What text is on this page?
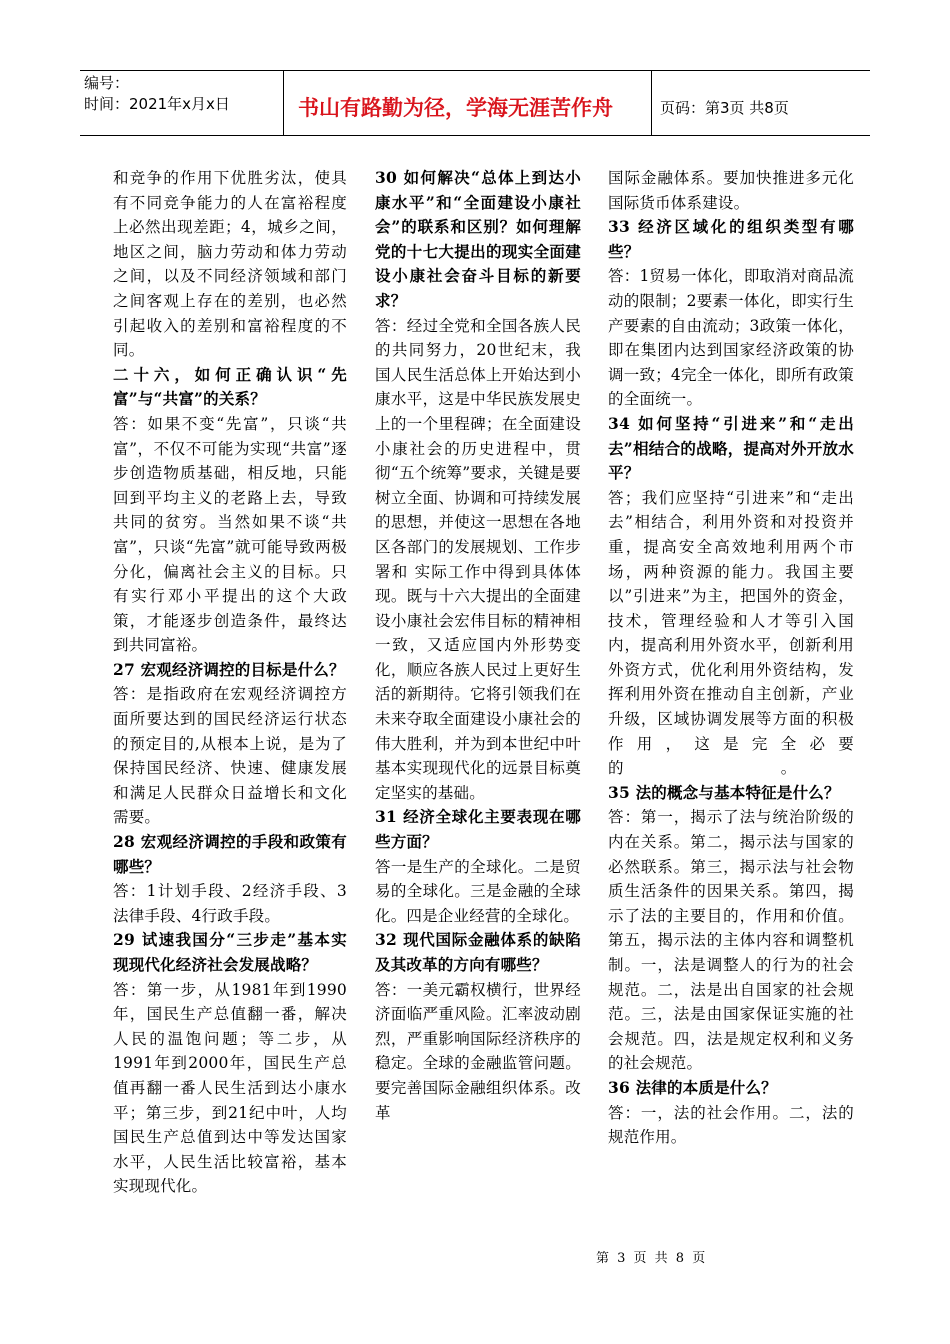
编号：
时间：2021年x月x日	书山有路勤为径，学海无涯苦作舟	页码：第3页 共8页

和竞争的作用下优胜劣汰，使具有不同竞争能力的人在富裕程度上必然出现差距；4，城乡之间，地区之间，脑力劳动和体力劳动之间，以及不同经济领域和部门之间客观上存在的差别，也必然引起收入的差别和富裕程度的不同。

二十六，如何正确认识“先富”与“共富”的关系？

答：如果不变“先富”，只谈“共富”，不仅不可能为实现“共富”逐步创造物质基础，相反地，只能回到平均主义的老路上去，导致共同的贫穷。当然如果不谈“共富”，只谈“先富”就可能导致两极分化，偏离社会主义的目标。只有实行邓小平提出的这个大政策，才能逐步创造条件，最终达到共同富裕。

27 宏观经济调控的目标是什么？

答：是指政府在宏观经济调控方面所要达到的国民经济运行状态的预定目的,从根本上说，是为了保持国民经济、快速、健康发展和满足人民群众日益增长和文化需要。

28 宏观经济调控的手段和政策有哪些？

答：1计划手段、2经济手段、3法律手段、4行政手段。

29 试速我国分“三步走”基本实现现代化经济社会发展战略？

答：第一步，从1981年到1990年，国民生产总值翻一番，解决人民的温饱问题；等二步，从1991年到2000年，国民生产总值再翻一番人民生活到达小康水平；第三步，到21纪中叶，人均国民生产总值到达中等发达国家水平，人民生活比较富裕，基本实现现代化。

30 如何解决“总体上到达小康水平”和“全面建设小康社会”的联系和区别？如何理解党的十七大提出的现实全面建设小康社会奋斗目标的新要求？

答：经过全党和全国各族人民的共同努力，20世纪末，我国人民生活总体上开始达到小康水平，这是中华民族发展史上的一个里程碑；在全面建设小康社会的历史进程中，贯彻“五个统筹”要求，关键是要树立全面、协调和可持续发展的思想，并使这一思想在各地区各部门的发展规划、工作步署和 实际工作中得到具体体现。既与十六大提出的全面建设小康社会宏伟目标的精神相一致，又适应国内外形势变化，顺应各族人民过上更好生活的新期待。它将引领我们在未来夺取全面建设小康社会的伟大胜利，并为到本世纪中叶基本实现现代化的远景目标奠定坚实的基础。

31 经济全球化主要表现在哪些方面？

答一是生产的全球化。二是贸易的全球化。三是金融的全球化。四是企业经营的全球化。

32 现代国际金融体系的缺陷及其改革的方向有哪些？

答：一美元霸权横行，世界经济面临严重风险。汇率波动剧烈，严重影响国际经济秩序的稳定。全球的金融监管问题。要完善国际金融组织体系。改革

国际金融体系。要加快推进多元化国际货币体系建设。

33 经济区域化的组织类型有哪些？

答：1贸易一体化，即取消对商品流动的限制；2要素一体化，即实行生产要素的自由流动；3政策一体化，即在集团内达到国家经济政策的协调一致；4完全一体化，即所有政策的全面统一。

34 如何坚持“引进来”和“走出去”相结合的战略，提高对外开放水平？

答；我们应坚持“引进来”和“走出去”相结合，利用外资和对投资并重，提高安全高效地利用两个市场，两种资源的能力。我国主要以”引进来”为主，把国外的资金，技术，管理经验和人才等引入国内，提高利用外资水平，创新利用外资方式，优化利用外资结构，发挥利用外资在推动自主创新，产业升级，区域协调发展等方面的积极作用，这是完全必要的　　　　　　　　　　。

35 法的概念与基本特征是什么？

答：第一，揭示了法与统治阶级的内在关系。第二，揭示法与国家的必然联系。第三，揭示法与社会物质生活条件的因果关系。第四，揭示了法的主要目的，作用和价值。第五，揭示法的主体内容和调整机制。一，法是调整人的行为的社会规范。二，法是出自国家的社会规范。三，法是由国家保证实施的社会规范。四，法是规定权利和义务的社会规范。

36 法律的本质是什么？

答：一，法的社会作用。二，法的规范作用。

第 3 页 共 8 页
